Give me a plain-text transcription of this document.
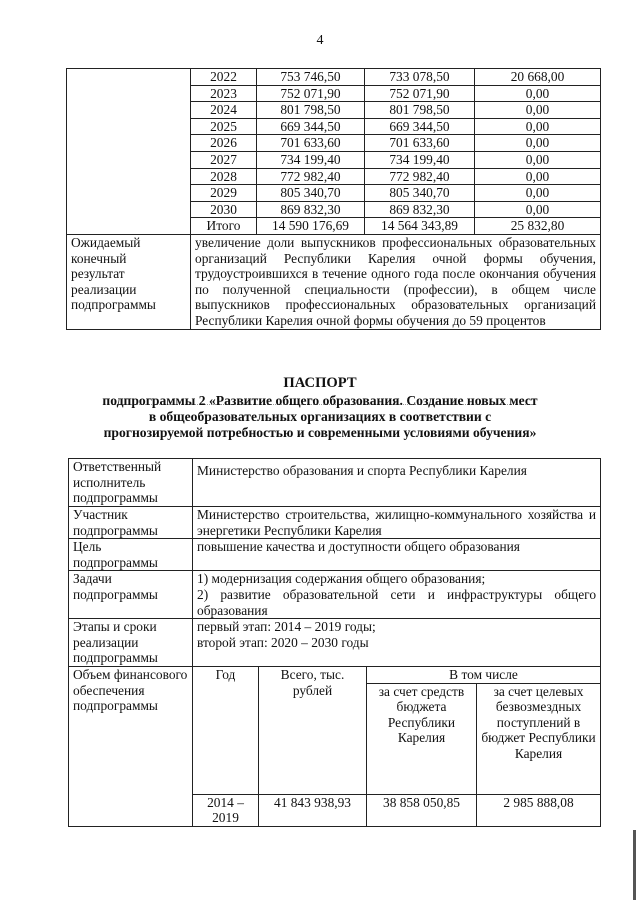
4
	2022	753 746,50	733 078,50	20 668,00
	2023	752 071,90	752 071,90	0,00
	2024	801 798,50	801 798,50	0,00
	2025	669 344,50	669 344,50	0,00
	2026	701 633,60	701 633,60	0,00
	2027	734 199,40	734 199,40	0,00
	2028	772 982,40	772 982,40	0,00
	2029	805 340,70	805 340,70	0,00
	2030	869 832,30	869 832,30	0,00
	Итого	14 590 176,69	14 564 343,89	25 832,80
Ожидаемый конечный результат реализации подпрограммы	увеличение доли выпускников профессиональных образовательных организаций Республики Карелия очной формы обучения, трудоустроившихся в течение одного года после окончания обучения по полученной специальности (профессии), в общем числе выпускников профессиональных образовательных организаций Республики Карелия очной формы обучения до 59 процентов			
ПАСПОРТ
подпрограммы 2 «Развитие общего образования. Создание новых мест в общеобразовательных организациях в соответствии с прогнозируемой потребностью и современными условиями обучения»
Ответственный исполнитель подпрограммы	Министерство образования и спорта Республики Карелия			
Участник подпрограммы	Министерство строительства, жилищно-коммунального хозяйства и энергетики Республики Карелия			
Цель подпрограммы	повышение качества и доступности общего образования			
Задачи подпрограммы	1) модернизация содержания общего образования;
2) развитие образовательной сети и инфраструктуры общего образования			

Этапы и сроки реализации подпрограммы	первый этап: 2014 – 2019 годы;
второй этап: 2020 – 2030 годы			

Объем финансового обеспечения подпрограммы	Год	Всего, тыс. рублей	В том числе	
			за счет средств бюджета Республики Карелия	за счет целевых безвозмездных поступлений в бюджет Республики Карелия
	2014 – 2019	41 843 938,93	38 858 050,85	2 985 888,08
